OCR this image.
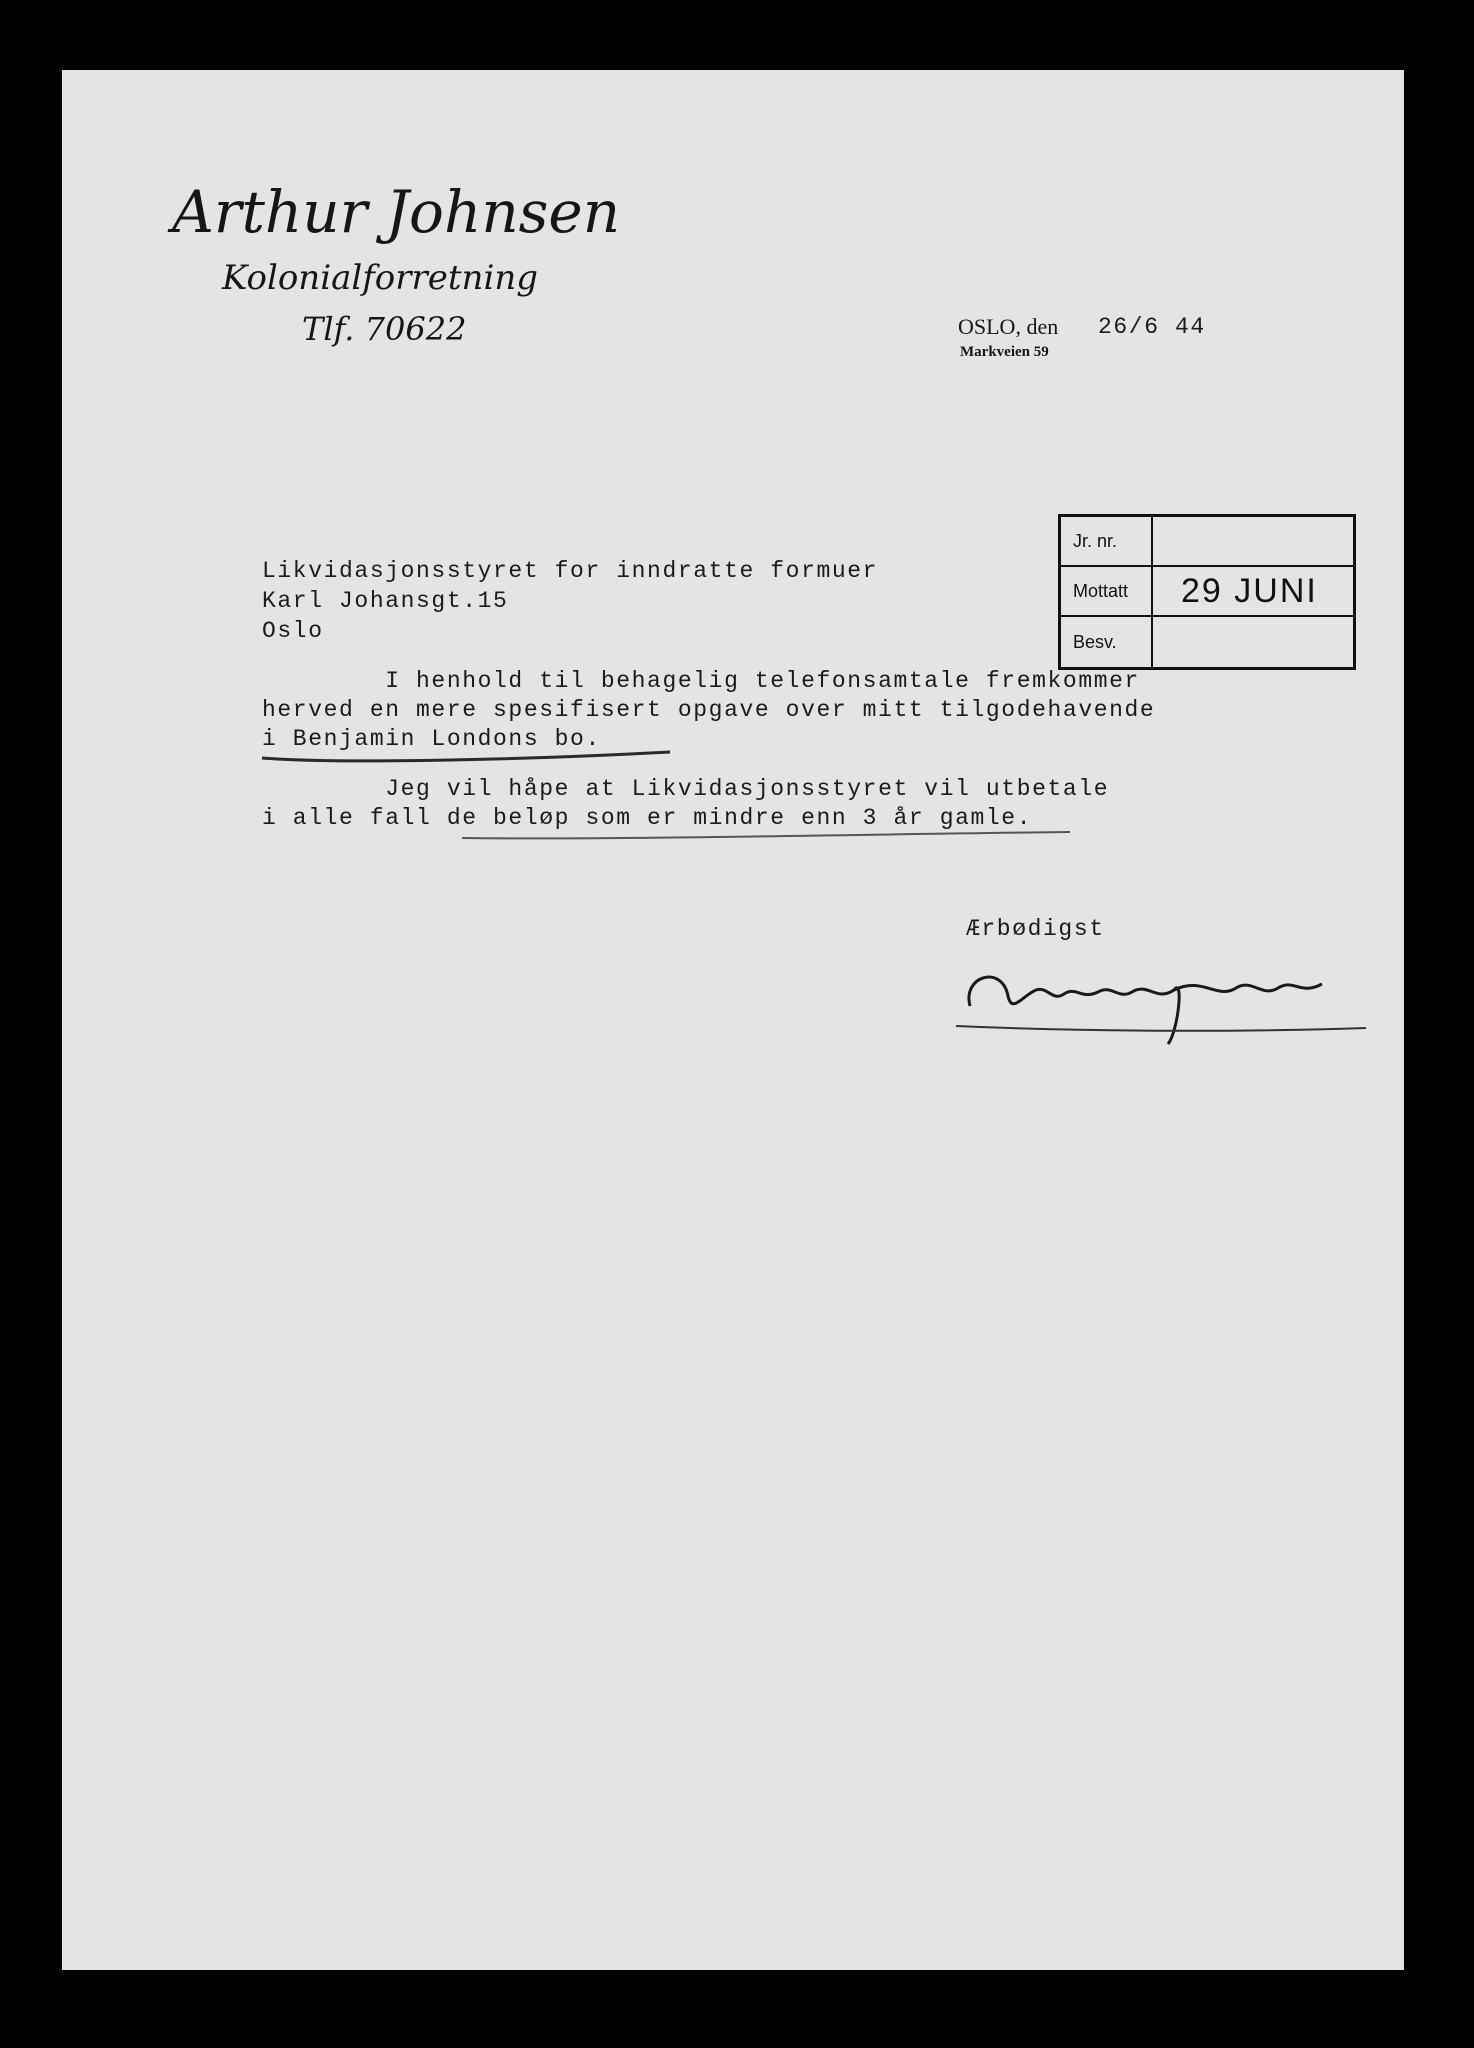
Arthur Johnsen
Kolonialforretning
Tlf. 70622	OSLO, den 26/6 44
Markveien 59
Jr. nr.
Mottatt	29 JUNI
Besv.
Likvidasjonsstyret for inndratte formuer
Karl Johansgt.15
Oslo
I henhold til behagelig telefonsamtale fremkommer
herved en mere spesifisert opgave over mitt tilgodehavende
i Benjamin Londons bo.
Jeg vil håpe at Likvidasjonsstyret vil utbetale
i alle fall de beløp som er mindre enn 3 år gamle.
Ærbødigst
